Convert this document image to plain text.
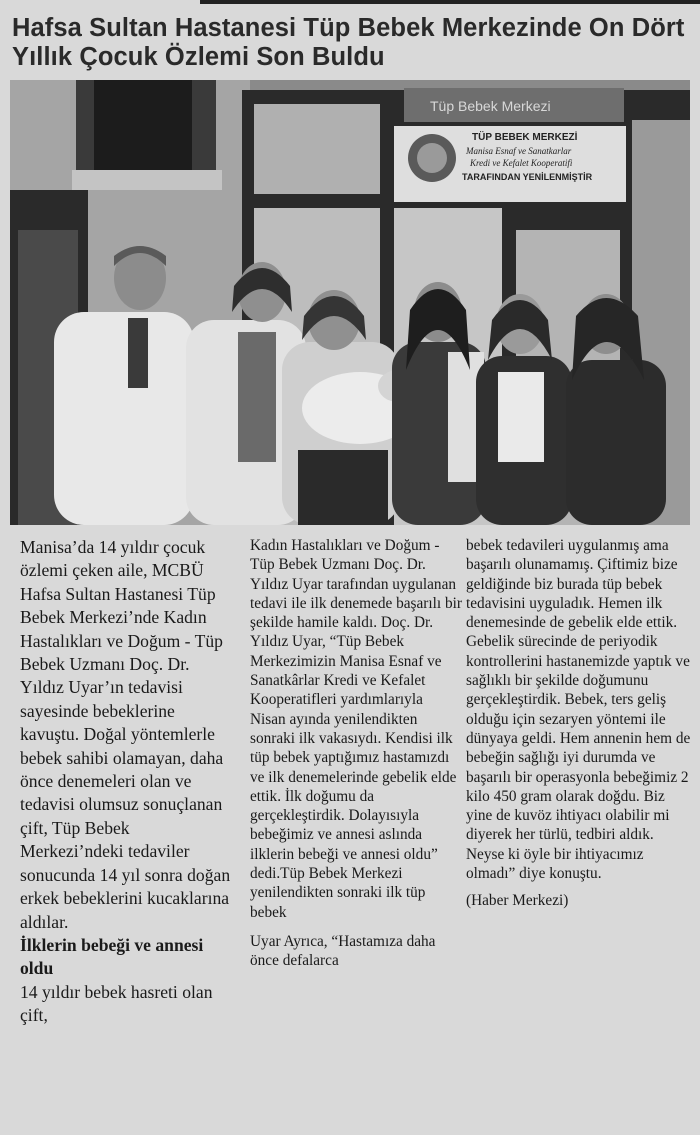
Hafsa Sultan Hastanesi Tüp Bebek Merkezinde On Dört Yıllık Çocuk Özlemi Son Buldu
Tüp Bebek Merkezi
TÜP BEBEK MERKEZİ
Manisa Esnaf ve Sanatkarlar
Kredi ve Kefalet Kooperatifi
TARAFINDAN YENİLENMİŞTİR

Manisa’da 14 yıldır çocuk özlemi çeken aile, MCBÜ Hafsa Sultan Hastanesi Tüp Bebek Merkezi’nde Kadın Hastalıkları ve Doğum - Tüp Bebek Uzmanı Doç. Dr. Yıldız Uyar’ın tedavisi sayesinde bebeklerine kavuştu. Doğal yöntemlerle bebek sahibi olamayan, daha önce denemeleri olan ve tedavisi olumsuz sonuçlanan çift, Tüp Bebek Merkezi’ndeki tedaviler sonucunda 14 yıl sonra doğan erkek bebeklerini kucaklarına aldılar.

İlklerin bebeği ve annesi oldu

14 yıldır bebek hasreti olan çift,

Kadın Hastalıkları ve Doğum -Tüp Bebek Uzmanı Doç. Dr. Yıldız Uyar tarafından uygulanan tedavi ile ilk denemede başarılı bir şekilde hamile kaldı. Doç. Dr. Yıldız Uyar, “Tüp Bebek Merkezimizin Manisa Esnaf ve Sanatkârlar Kredi ve Kefalet Kooperatifleri yardımlarıyla Nisan ayında yenilendikten sonraki ilk vakasıydı. Kendisi ilk tüp bebek yaptığımız hastamızdı ve ilk denemelerinde gebelik elde ettik. İlk doğumu da gerçekleştirdik. Dolayısıyla bebeğimiz ve annesi aslında ilklerin bebeği ve annesi oldu” dedi.Tüp Bebek Merkezi yenilendikten sonraki ilk tüp bebek

Uyar Ayrıca, “Hastamıza daha önce defalarca

bebek tedavileri uygulanmış ama başarılı olunamamış. Çiftimiz bize geldiğinde biz burada tüp bebek tedavisini uyguladık. Hemen ilk denemesinde de gebelik elde ettik. Gebelik sürecinde de periyodik kontrollerini hastanemizde yaptık ve sağlıklı bir şekilde doğumunu gerçekleştirdik. Bebek, ters geliş olduğu için sezaryen yöntemi ile dünyaya geldi. Hem annenin hem de bebeğin sağlığı iyi durumda ve başarılı bir operasyonla bebeğimiz 2 kilo 450 gram olarak doğdu. Biz yine de kuvöz ihtiyacı olabilir mi diyerek her türlü, tedbiri aldık. Neyse ki öyle bir ihtiyacımız olmadı” diye konuştu.

(Haber Merkezi)
